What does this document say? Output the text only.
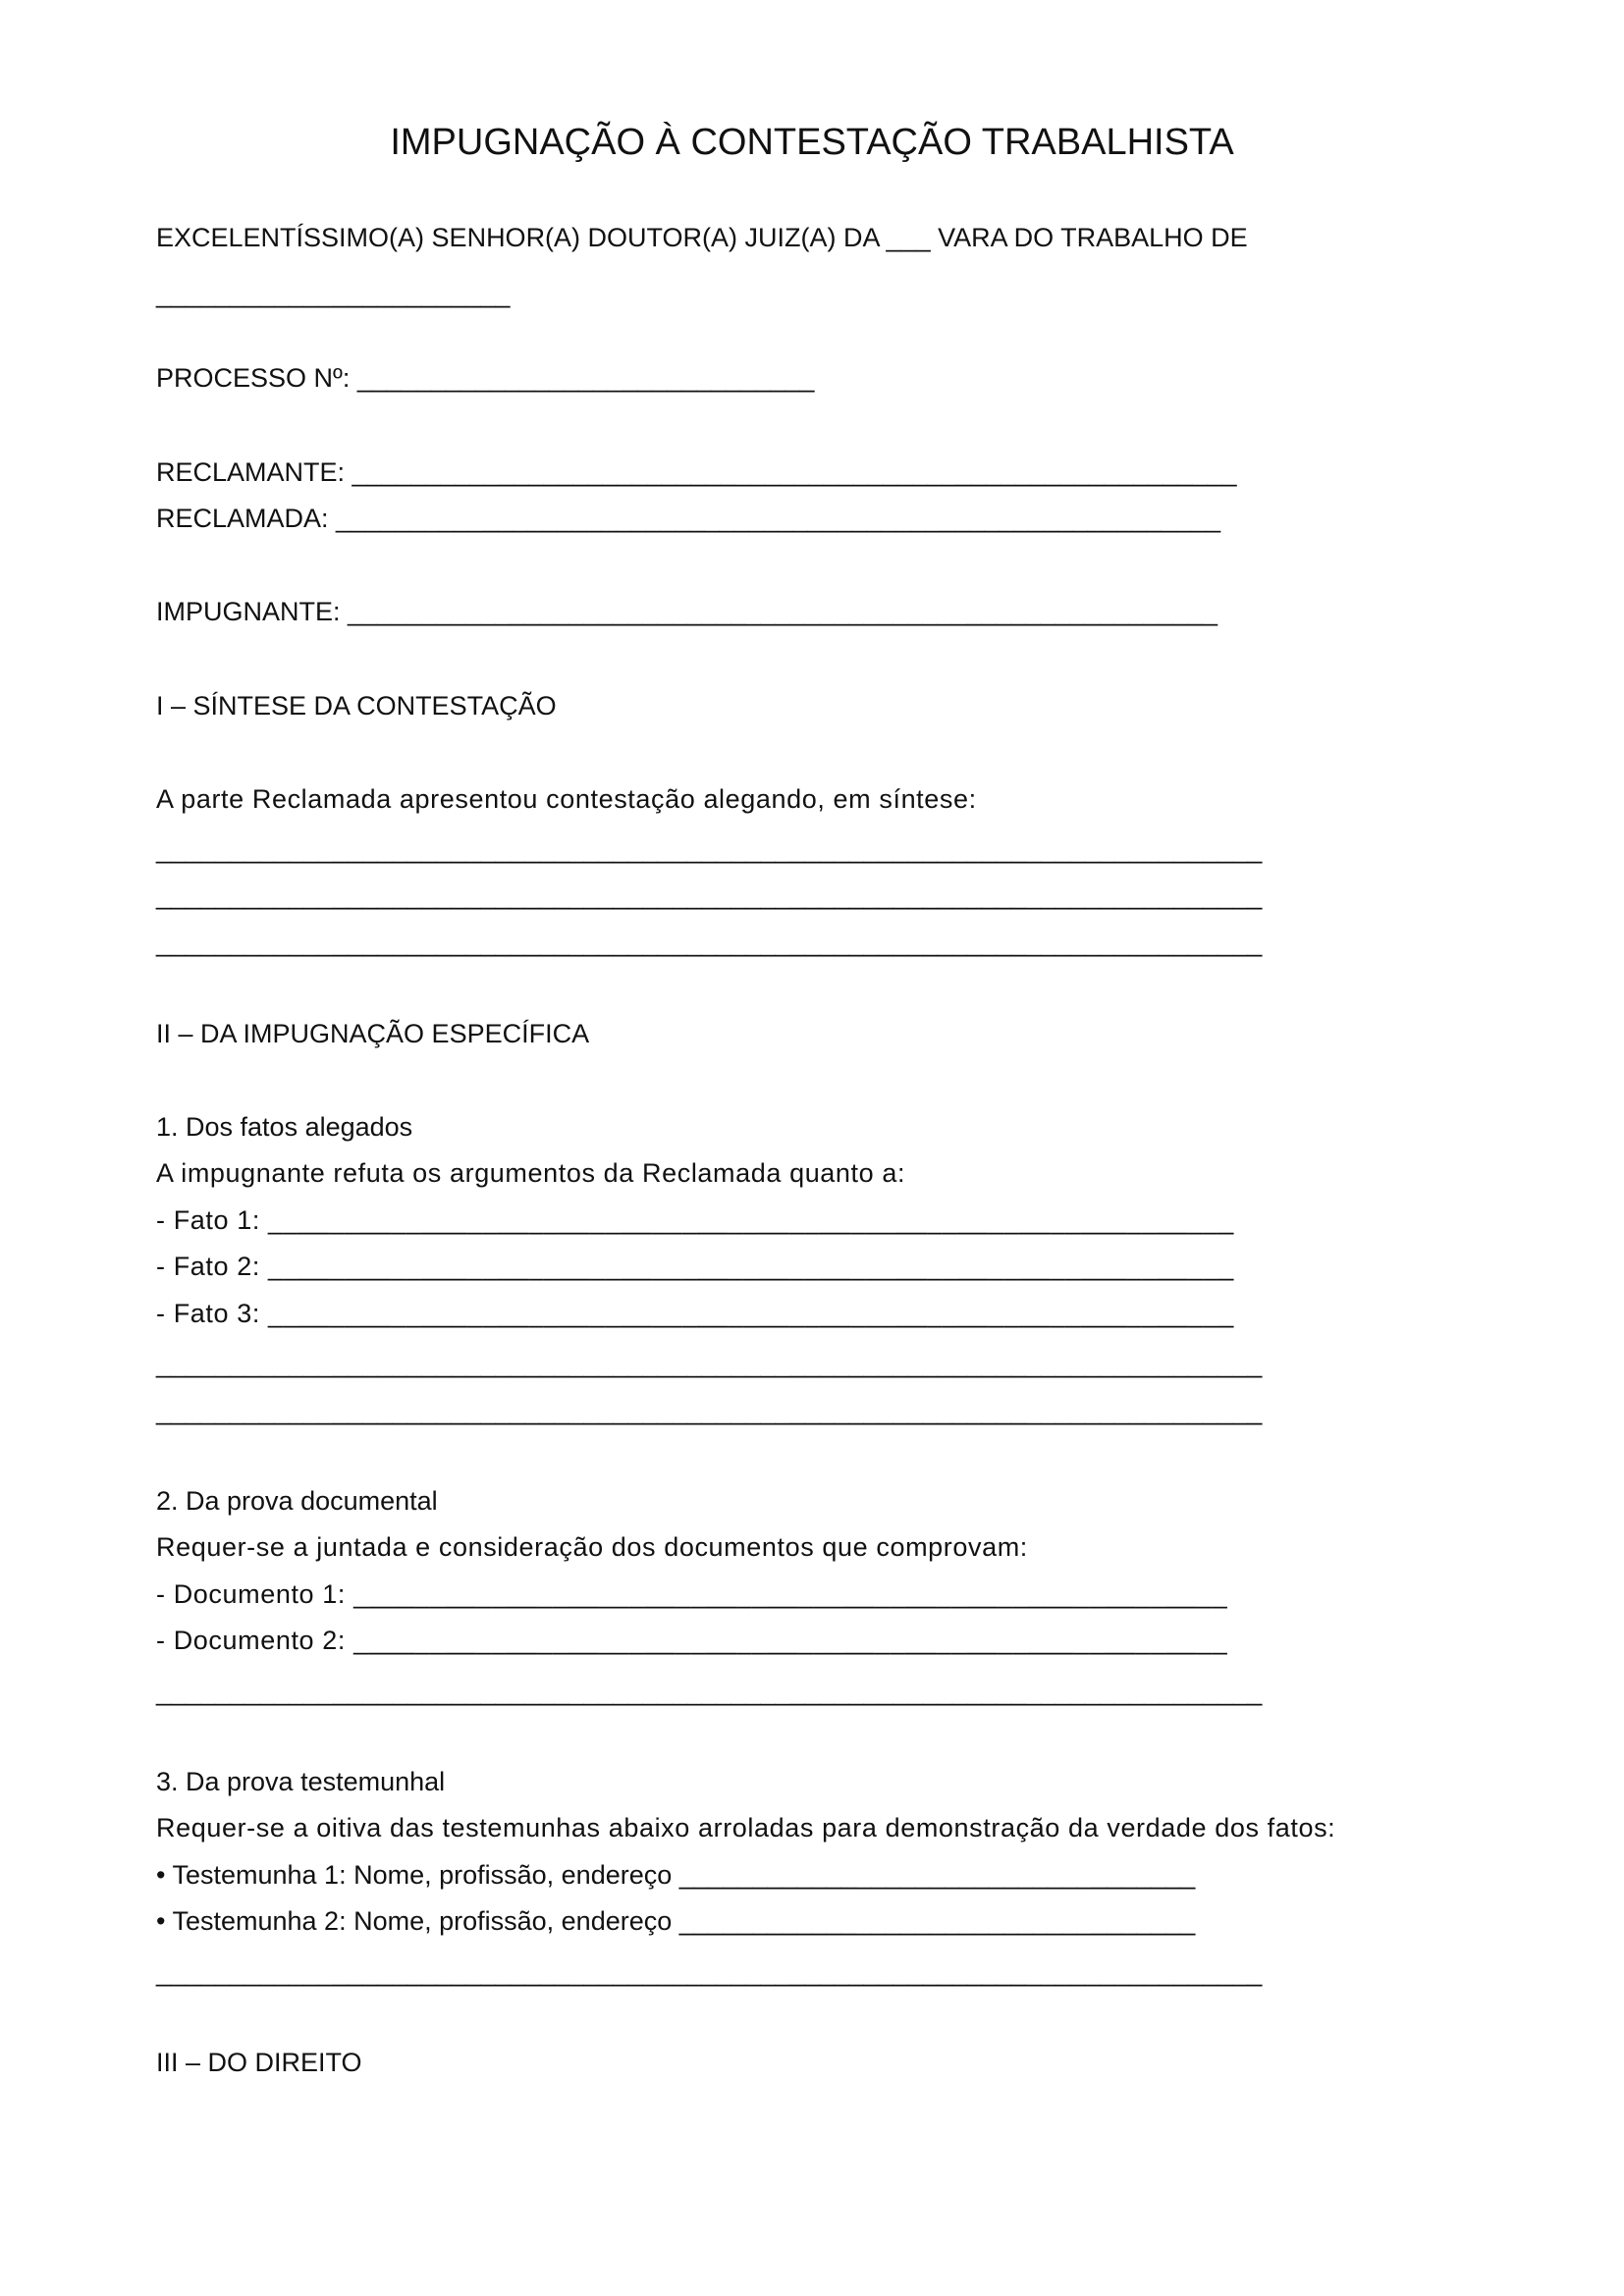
IMPUGNAÇÃO À CONTESTAÇÃO TRABALHISTA

EXCELENTÍSSIMO(A) SENHOR(A) DOUTOR(A) JUIZ(A) DA ___ VARA DO TRABALHO DE

________________________

PROCESSO Nº: _______________________________

RECLAMANTE: ____________________________________________________________

RECLAMADA: ____________________________________________________________

IMPUGNANTE: ___________________________________________________________

I – SÍNTESE DA CONTESTAÇÃO

A parte Reclamada apresentou contestação alegando, em síntese:

___________________________________________________________________________

___________________________________________________________________________

___________________________________________________________________________

II – DA IMPUGNAÇÃO ESPECÍFICA

1. Dos fatos alegados

A impugnante refuta os argumentos da Reclamada quanto a:

- Fato 1: _______________________________________________________________

- Fato 2: _______________________________________________________________

- Fato 3: _______________________________________________________________

___________________________________________________________________________

___________________________________________________________________________

2. Da prova documental

Requer-se a juntada e consideração dos documentos que comprovam:

- Documento 1: _________________________________________________________

- Documento 2: _________________________________________________________

___________________________________________________________________________

3. Da prova testemunhal

Requer-se a oitiva das testemunhas abaixo arroladas para demonstração da verdade dos fatos:

• Testemunha 1: Nome, profissão, endereço ___________________________________

• Testemunha 2: Nome, profissão, endereço ___________________________________

___________________________________________________________________________

III – DO DIREITO
